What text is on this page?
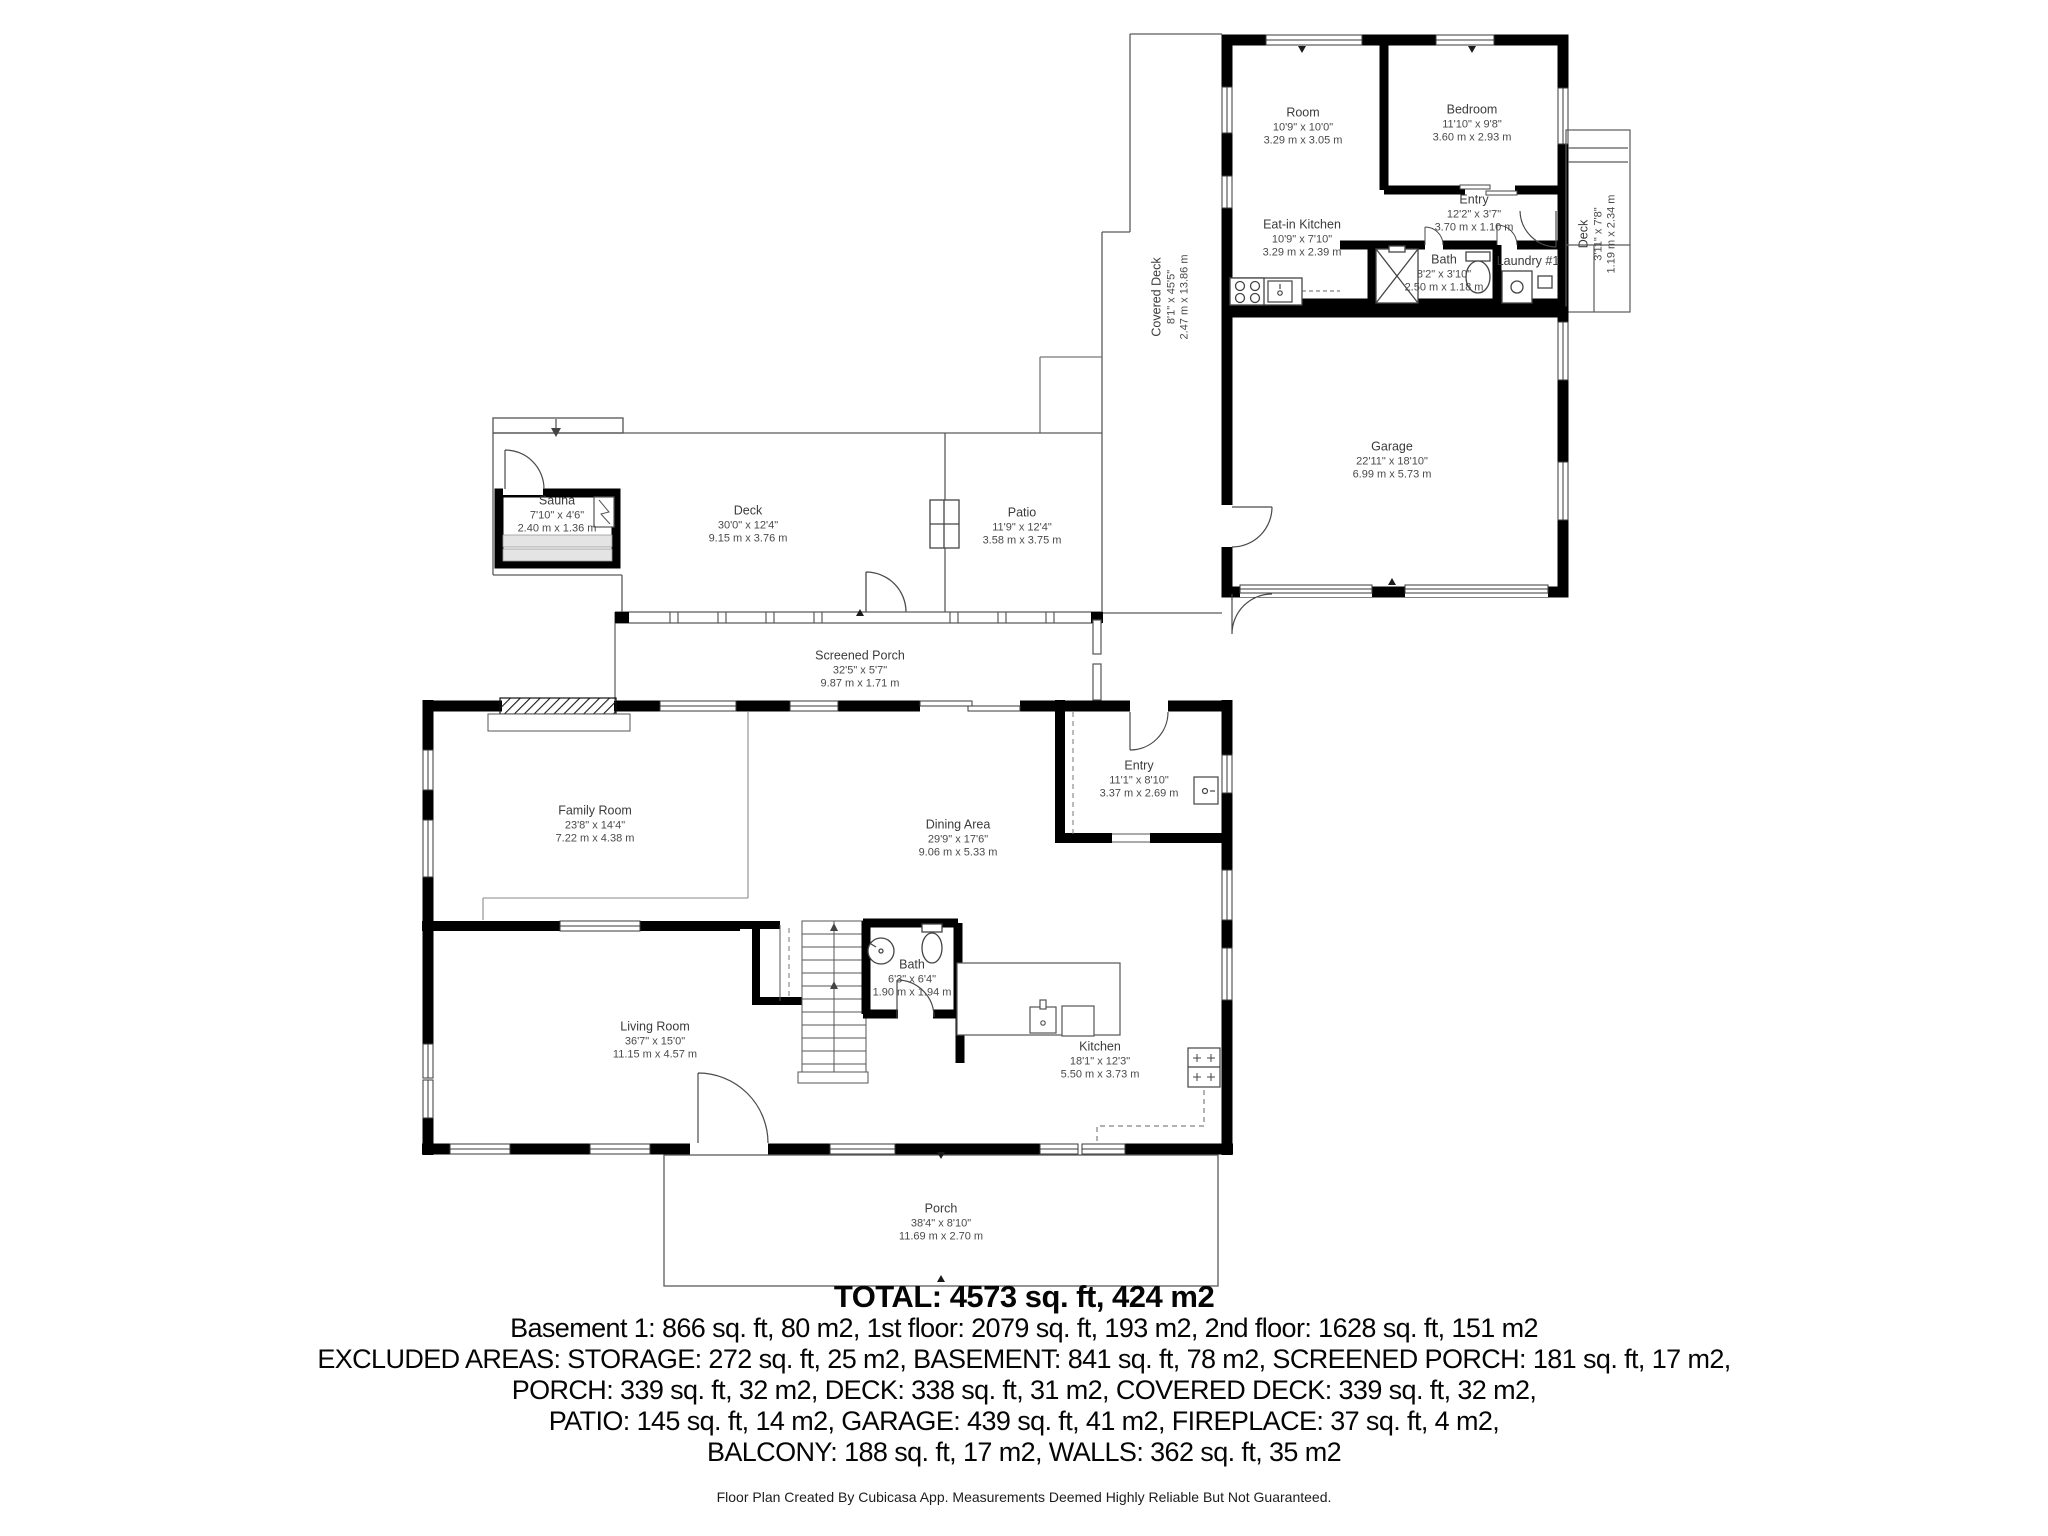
Room
10'9" x 10'0"
3.29 m x 3.05 m
Bedroom
11'10" x 9'8"
3.60 m x 2.93 m
Entry
12'2" x 3'7"
3.70 m x 1.10 m
Eat-in Kitchen
10'9" x 7'10"
3.29 m x 2.39 m	Bath
8'2" x 3'10"
2.50 m x 1.18 m
Laundry #1
Deck 3'11" x 7'8" 1.19 m x 2.34 m
Covered Deck 8'1" x 45'5" 2.47 m x 13.86 m
Garage
22'11" x 18'10"
6.99 m x 5.73 m
Sauna
7'10" x 4'6"
2.40 m x 1.36 m
Deck
30'0" x 12'4"
9.15 m x 3.76 m
Patio
11'9" x 12'4"
3.58 m x 3.75 m
Screened Porch
32'5" x 5'7"
9.87 m x 1.71 m
Family Room
23'8" x 14'4"
7.22 m x 4.38 m
Dining Area
29'9" x 17'6"
9.06 m x 5.33 m
Entry
11'1" x 8'10"
3.37 m x 2.69 m
Bath
6'3" x 6'4"
1.90 m x 1.94 m
Living Room
36'7" x 15'0"
11.15 m x 4.57 m
Kitchen
18'1" x 12'3"
5.50 m x 3.73 m
Porch
38'4" x 8'10"
11.69 m x 2.70 m
TOTAL: 4573 sq. ft, 424 m2
Basement 1: 866 sq. ft, 80 m2, 1st floor: 2079 sq. ft, 193 m2, 2nd floor: 1628 sq. ft, 151 m2
EXCLUDED AREAS: STORAGE: 272 sq. ft, 25 m2, BASEMENT: 841 sq. ft, 78 m2, SCREENED PORCH: 181 sq. ft, 17 m2,
PORCH: 339 sq. ft, 32 m2, DECK: 338 sq. ft, 31 m2, COVERED DECK: 339 sq. ft, 32 m2,
PATIO: 145 sq. ft, 14 m2, GARAGE: 439 sq. ft, 41 m2, FIREPLACE: 37 sq. ft, 4 m2,
BALCONY: 188 sq. ft, 17 m2, WALLS: 362 sq. ft, 35 m2
Floor Plan Created By Cubicasa App. Measurements Deemed Highly Reliable But Not Guaranteed.
